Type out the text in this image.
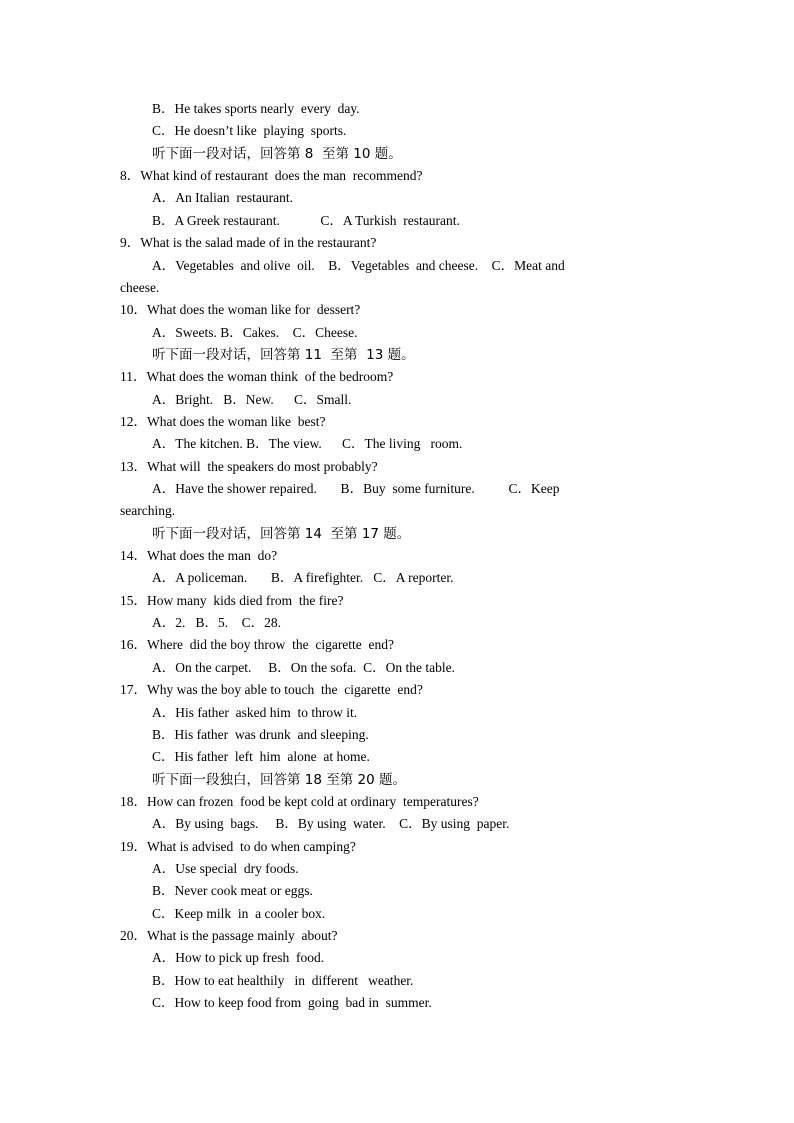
B．He takes sports nearly  every  day.
C．He doesn’t like  playing  sports.
听下面一段对话，回答第 8  至第 10 题。
8．What kind of restaurant  does the man  recommend?
A．An Italian  restaurant.
B．A Greek restaurant.            C．A Turkish  restaurant.
9．What is the salad made of in the restaurant?
A．Vegetables  and olive  oil.    B．Vegetables  and cheese.    C．Meat and
cheese.
10．What does the woman like for  dessert?
A．Sweets. B．Cakes.    C．Cheese.
听下面一段对话，回答第 11  至第  13 题。
11．What does the woman think  of the bedroom?
A．Bright.   B．New.      C．Small.
12．What does the woman like  best?
A．The kitchen. B．The view.      C．The living   room.
13．What will  the speakers do most probably?
A．Have the shower repaired.       B．Buy  some furniture.          C．Keep
searching.
听下面一段对话，回答第 14  至第 17 题。
14．What does the man  do?
A．A policeman.       B．A firefighter.   C．A reporter.
15．How many  kids died from  the fire?
A．2.   B．5.    C．28.
16．Where  did the boy throw  the  cigarette  end?
A．On the carpet.     B．On the sofa.  C．On the table.
17．Why was the boy able to touch  the  cigarette  end?
A．His father  asked him  to throw it.
B．His father  was drunk  and sleeping.
C．His father  left  him  alone  at home.
听下面一段独白，回答第 18 至第 20 题。
18．How can frozen  food be kept cold at ordinary  temperatures?
A．By using  bags.     B．By using  water.    C．By using  paper.
19．What is advised  to do when camping?
A．Use special  dry foods.
B．Never cook meat or eggs.
C．Keep milk  in  a cooler box.
20．What is the passage mainly  about?
A．How to pick up fresh  food.
B．How to eat healthily   in  different   weather.
C．How to keep food from  going  bad in  summer.
